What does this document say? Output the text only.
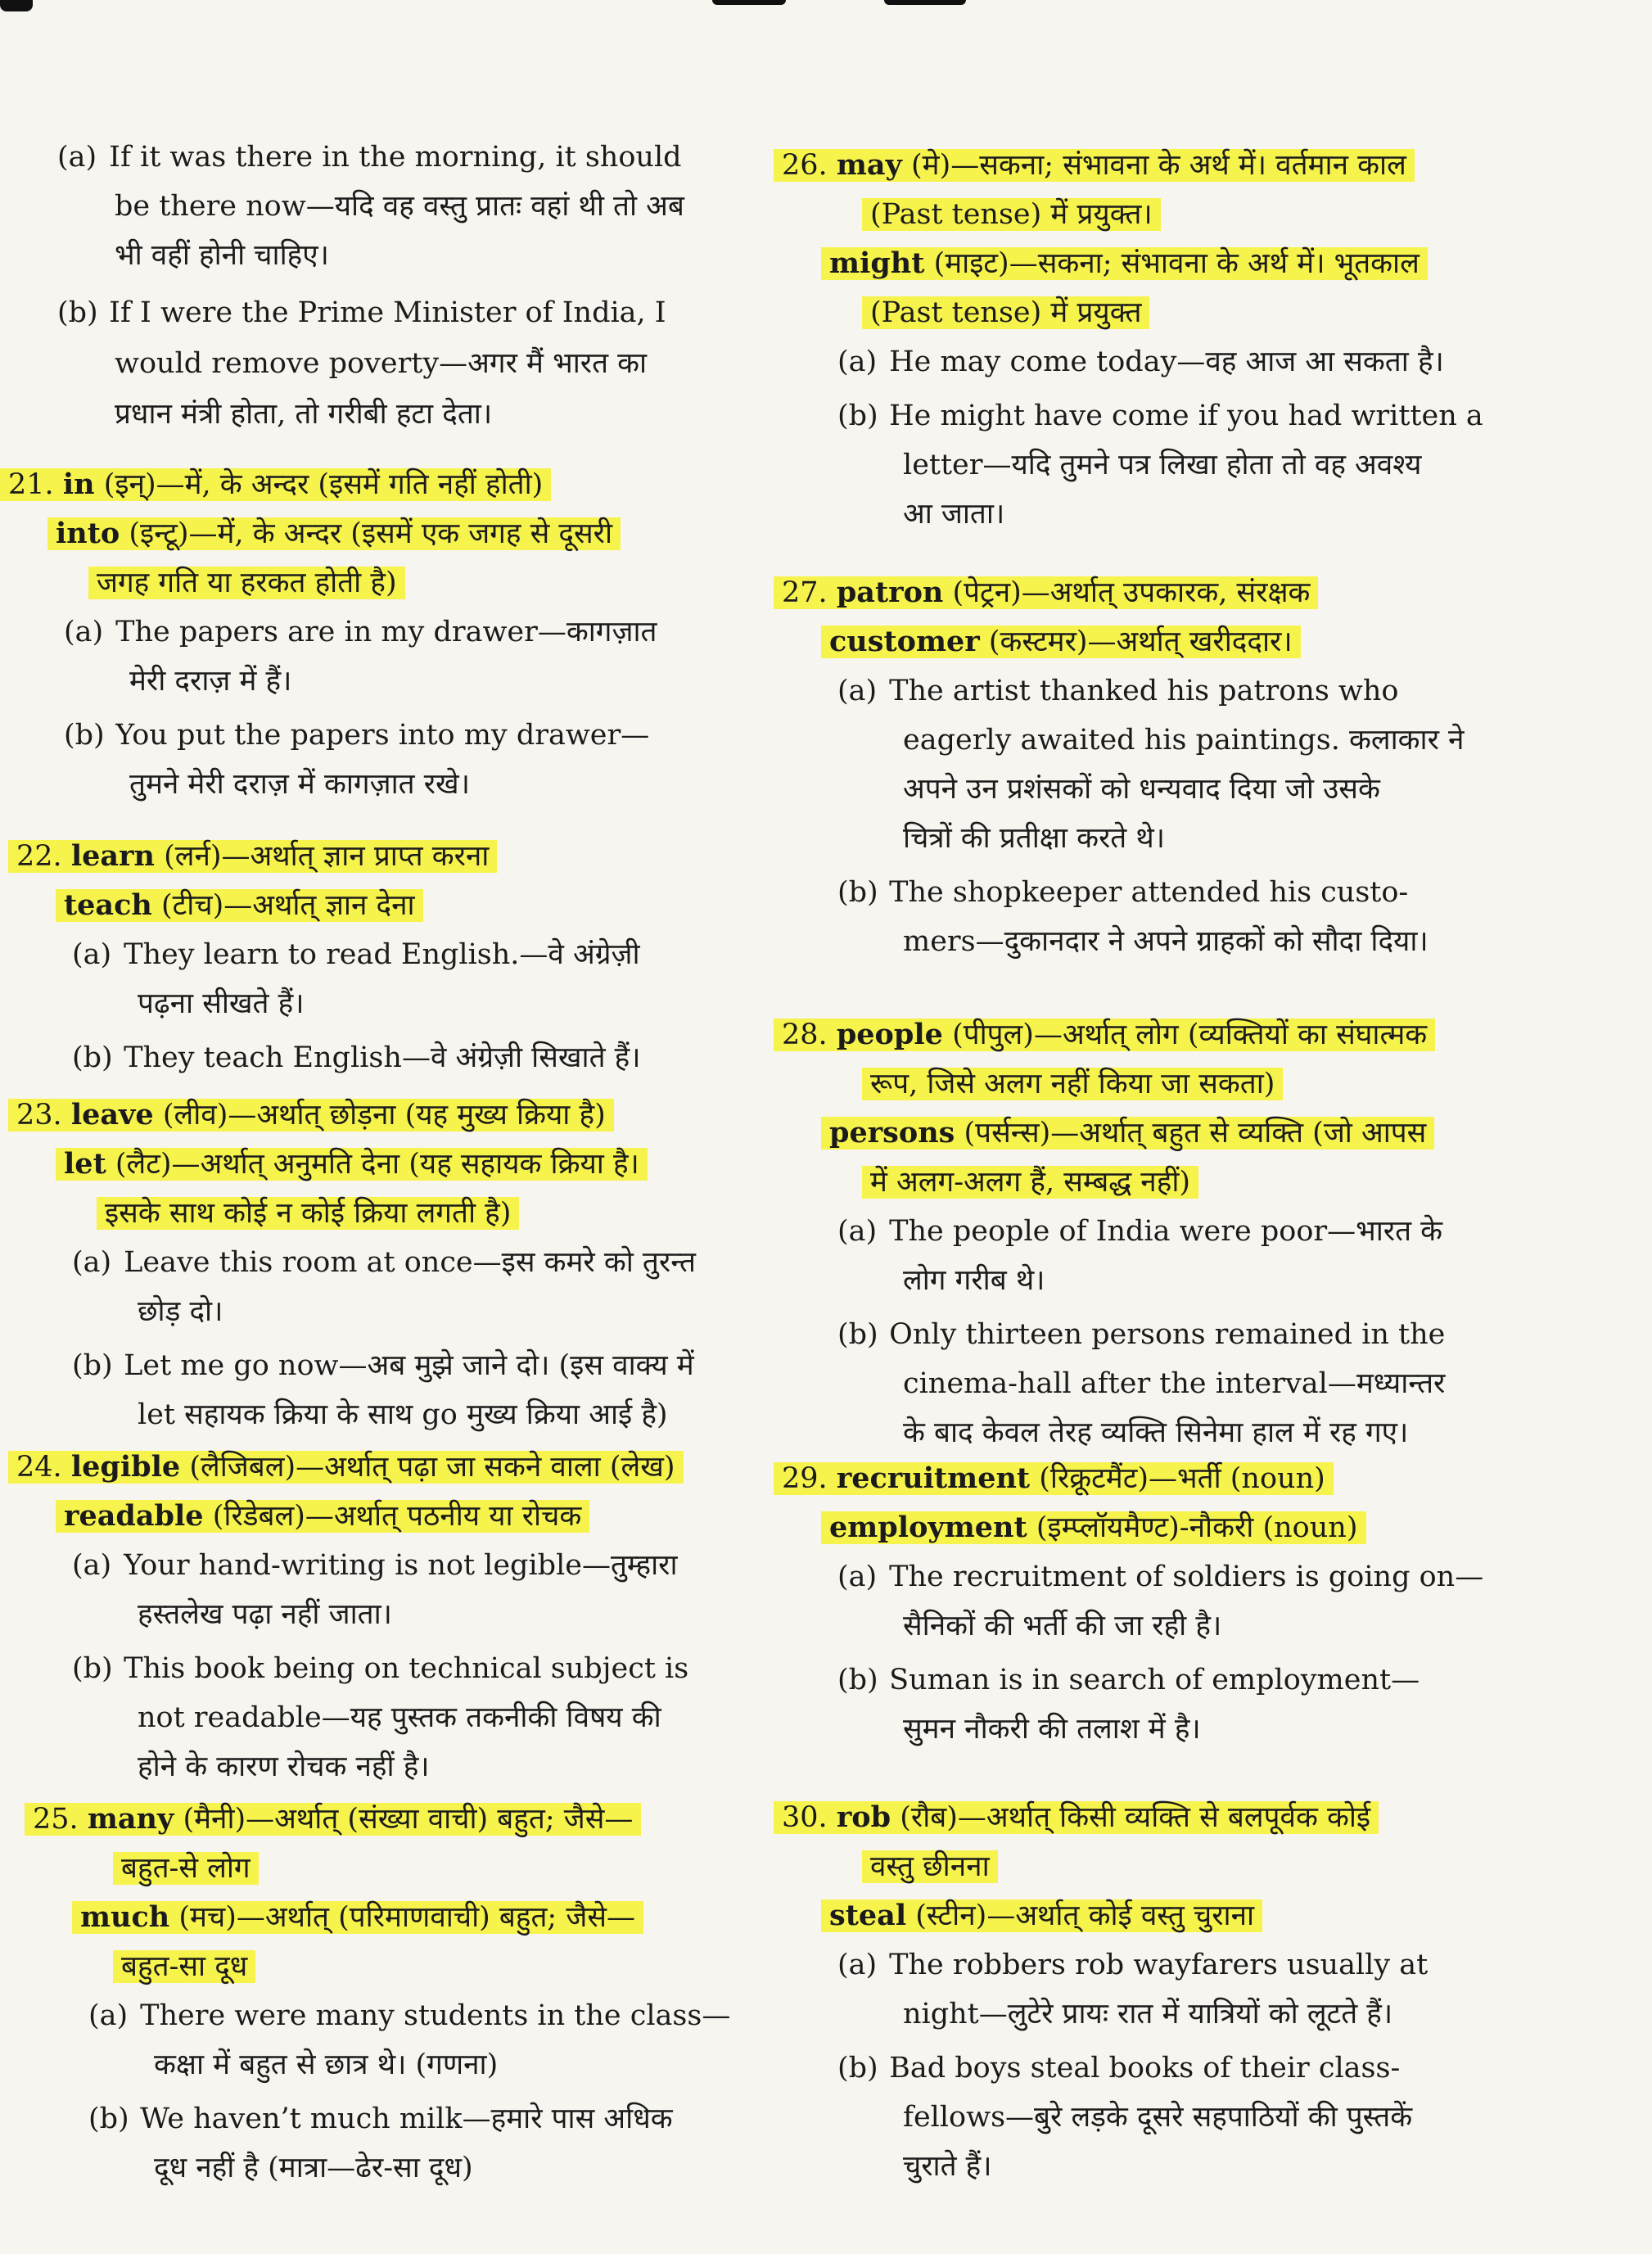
(a) If it was there in the morning, it should
be there now—यदि वह वस्तु प्रातः वहां थी तो अब
भी वहीं होनी चाहिए।
(b) If I were the Prime Minister of India, I
would remove poverty—अगर मैं भारत का
प्रधान मंत्री होता, तो गरीबी हटा देता।
21. in (इन्)—में, के अन्दर (इसमें गति नहीं होती)
into (इन्टू)—में, के अन्दर (इसमें एक जगह से दूसरी
जगह गति या हरकत होती है)
(a) The papers are in my drawer—कागज़ात
मेरी दराज़ में हैं।
(b) You put the papers into my drawer—
तुमने मेरी दराज़ में कागज़ात रखे।
22. learn (लर्न)—अर्थात् ज्ञान प्राप्त करना
teach (टीच)—अर्थात् ज्ञान देना
(a) They learn to read English.—वे अंग्रेज़ी
पढ़ना सीखते हैं।
(b) They teach English—वे अंग्रेज़ी सिखाते हैं।
23. leave (लीव)—अर्थात् छोड़ना (यह मुख्य क्रिया है)
let (लैट)—अर्थात् अनुमति देना (यह सहायक क्रिया है।
इसके साथ कोई न कोई क्रिया लगती है)
(a) Leave this room at once—इस कमरे को तुरन्त
छोड़ दो।
(b) Let me go now—अब मुझे जाने दो। (इस वाक्य में
let सहायक क्रिया के साथ go मुख्य क्रिया आई है)
24. legible (लैजिबल)—अर्थात् पढ़ा जा सकने वाला (लेख)
readable (रिडेबल)—अर्थात् पठनीय या रोचक
(a) Your hand-writing is not legible—तुम्हारा
हस्तलेख पढ़ा नहीं जाता।
(b) This book being on technical subject is
not readable—यह पुस्तक तकनीकी विषय की
होने के कारण रोचक नहीं है।
25. many (मैनी)—अर्थात् (संख्या वाची) बहुत; जैसे—
बहुत-से लोग
much (मच)—अर्थात् (परिमाणवाची) बहुत; जैसे—
बहुत-सा दूध
(a) There were many students in the class—
कक्षा में बहुत से छात्र थे। (गणना)
(b) We haven’t much milk—हमारे पास अधिक
दूध नहीं है (मात्रा—ढेर-सा दूध)
26. may (मे)—सकना; संभावना के अर्थ में। वर्तमान काल
(Past tense) में प्रयुक्त।
might (माइट)—सकना; संभावना के अर्थ में। भूतकाल
(Past tense) में प्रयुक्त
(a) He may come today—वह आज आ सकता है।
(b) He might have come if you had written a
letter—यदि तुमने पत्र लिखा होता तो वह अवश्य
आ जाता।
27. patron (पेट्रन)—अर्थात् उपकारक, संरक्षक
customer (कस्टमर)—अर्थात् खरीददार।
(a) The artist thanked his patrons who
eagerly awaited his paintings. कलाकार ने
अपने उन प्रशंसकों को धन्यवाद दिया जो उसके
चित्रों की प्रतीक्षा करते थे।
(b) The shopkeeper attended his custo-
mers—दुकानदार ने अपने ग्राहकों को सौदा दिया।
28. people (पीपुल)—अर्थात् लोग (व्यक्तियों का संघात्मक
रूप, जिसे अलग नहीं किया जा सकता)
persons (पर्सन्स)—अर्थात् बहुत से व्यक्ति (जो आपस
में अलग-अलग हैं, सम्बद्ध नहीं)
(a) The people of India were poor—भारत के
लोग गरीब थे।
(b) Only thirteen persons remained in the
cinema-hall after the interval—मध्यान्तर
के बाद केवल तेरह व्यक्ति सिनेमा हाल में रह गए।
29. recruitment (रिक्रूटमैंट)—भर्ती (noun)
employment (इम्प्लॉयमैण्ट)-नौकरी (noun)
(a) The recruitment of soldiers is going on—
सैनिकों की भर्ती की जा रही है।
(b) Suman is in search of employment—
सुमन नौकरी की तलाश में है।
30. rob (रौब)—अर्थात् किसी व्यक्ति से बलपूर्वक कोई
वस्तु छीनना
steal (स्टीन)—अर्थात् कोई वस्तु चुराना
(a) The robbers rob wayfarers usually at
night—लुटेरे प्रायः रात में यात्रियों को लूटते हैं।
(b) Bad boys steal books of their class-
fellows—बुरे लड़के दूसरे सहपाठियों की पुस्तकें
चुराते हैं।
